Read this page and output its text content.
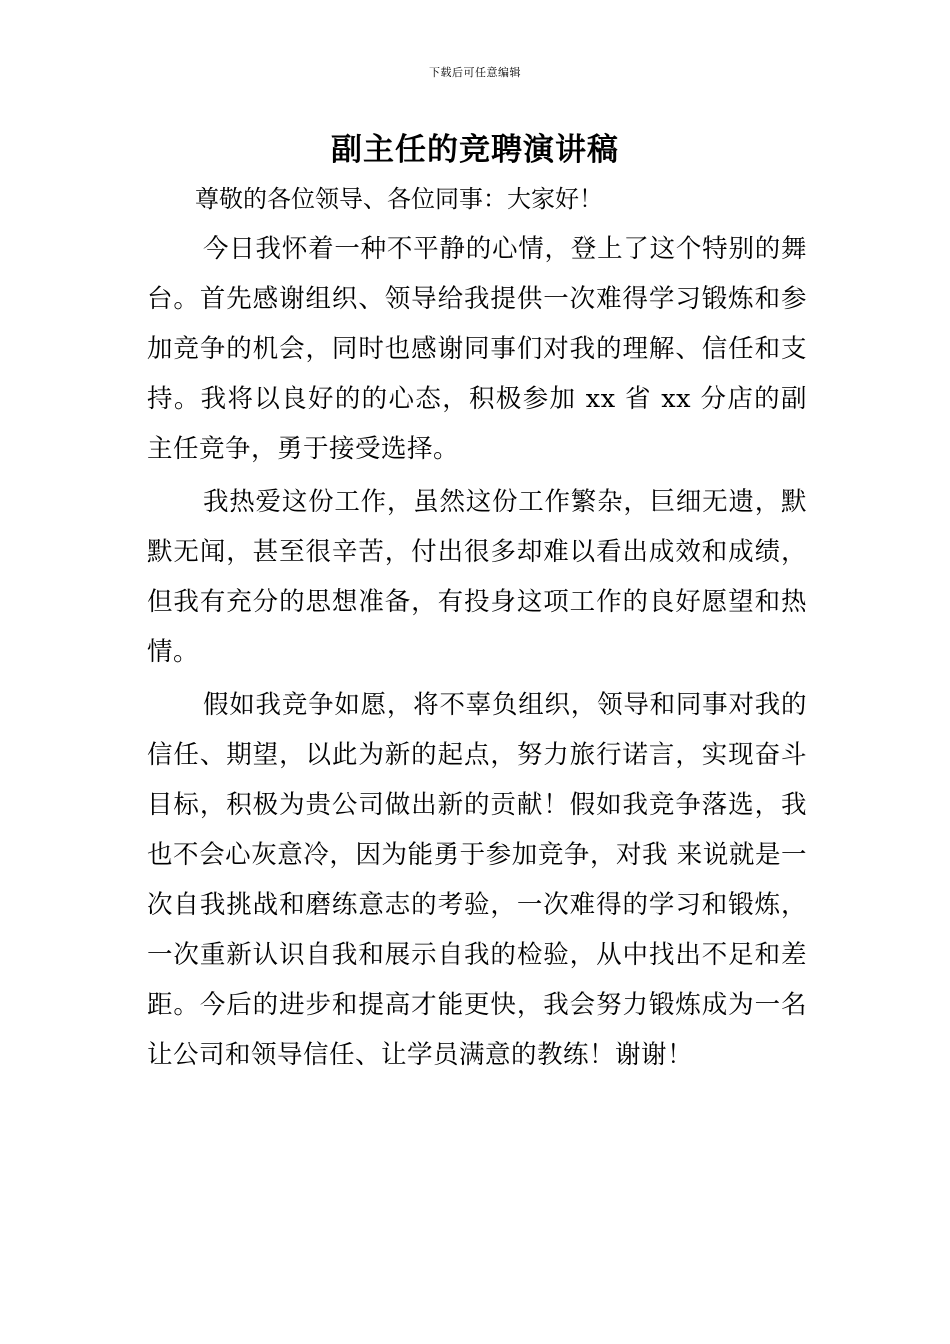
下载后可任意编辑
副主任的竞聘演讲稿
尊敬的各位领导、各位同事：大家好！

今日我怀着一种不平静的心情，登上了这个特别的舞台。首先感谢组织、领导给我提供一次难得学习锻炼和参加竞争的机会，同时也感谢同事们对我的理解、信任和支持。我将以良好的的心态，积极参加 xx 省 xx 分店的副主任竞争，勇于接受选择。

我热爱这份工作，虽然这份工作繁杂，巨细无遗，默默无闻，甚至很辛苦，付出很多却难以看出成效和成绩，但我有充分的思想准备，有投身这项工作的良好愿望和热情。

假如我竞争如愿，将不辜负组织，领导和同事对我的信任、期望，以此为新的起点，努力旅行诺言，实现奋斗目标，积极为贵公司做出新的贡献！假如我竞争落选，我也不会心灰意冷，因为能勇于参加竞争，对我 来说就是一次自我挑战和磨练意志的考验，一次难得的学习和锻炼，一次重新认识自我和展示自我的检验，从中找出不足和差距。今后的进步和提高才能更快，我会努力锻炼成为一名让公司和领导信任、让学员满意的教练！谢谢！
